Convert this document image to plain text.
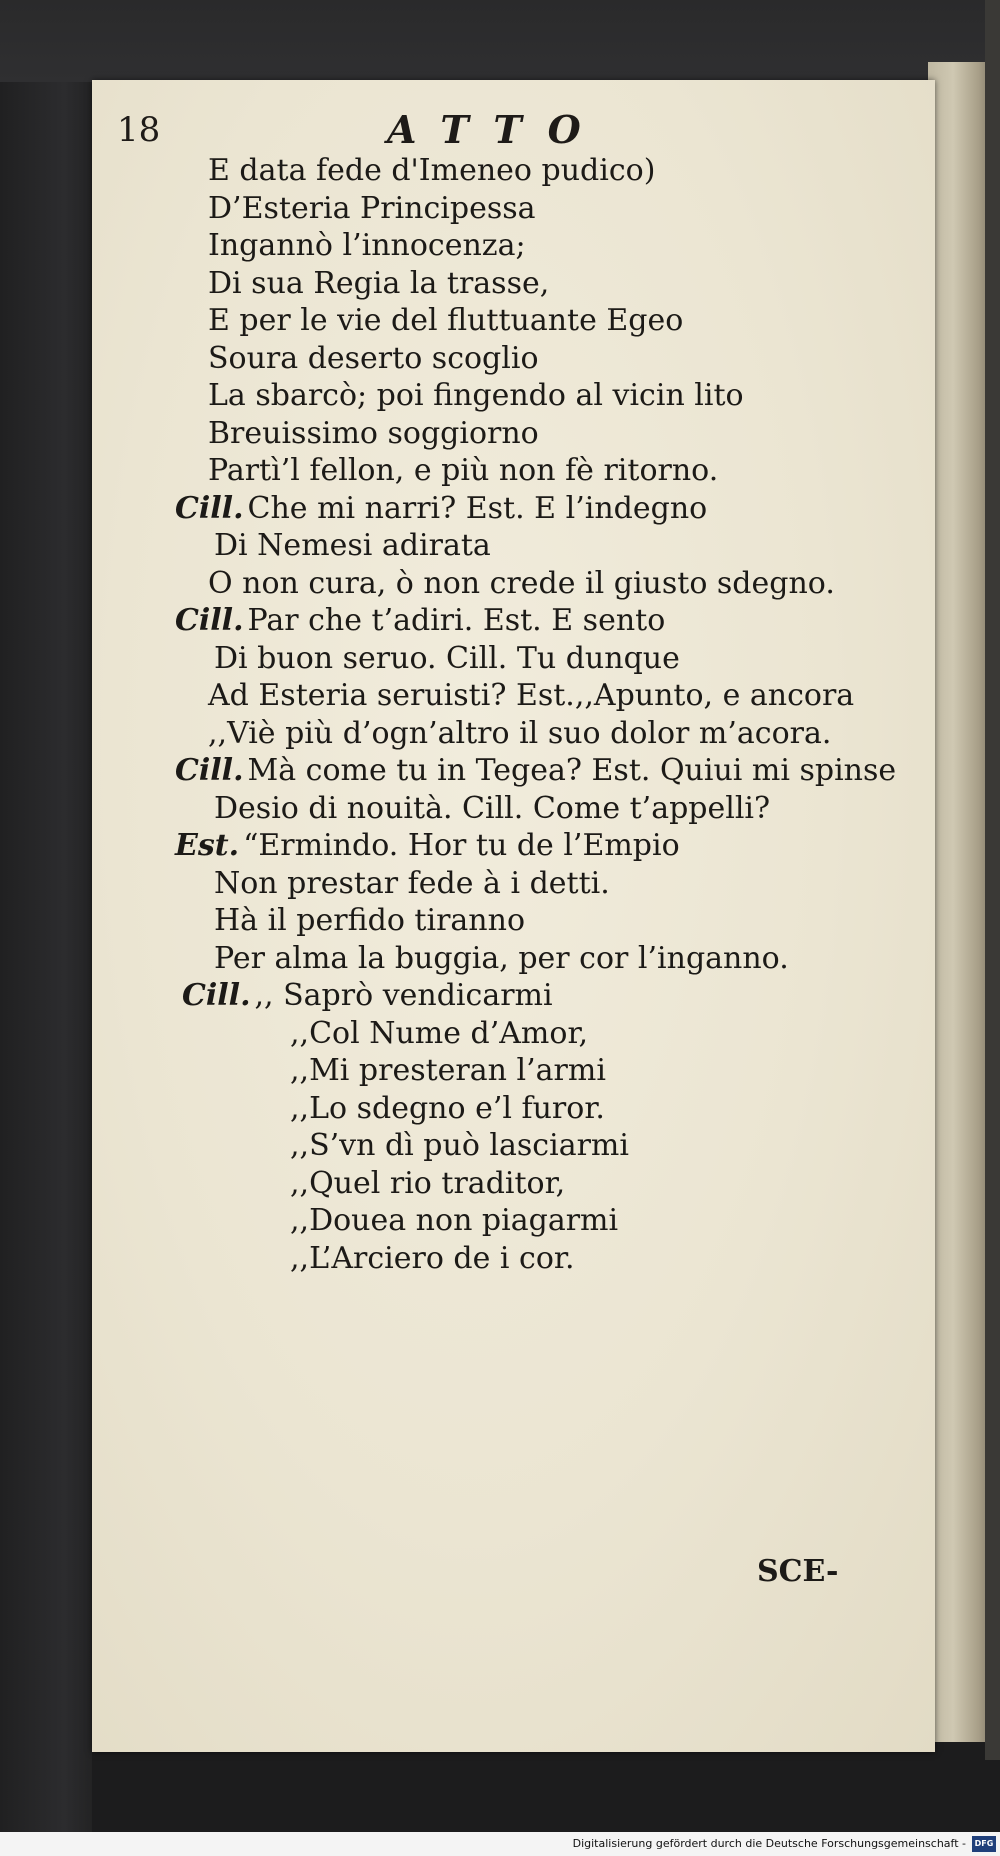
18	ATTO
E data fede d'Imeneo pudico)
D’Esteria Principessa
Ingannò l’innocenza;
Di sua Regia la trasse,
E per le vie del fluttuante Egeo
Soura deserto scoglio
La sbarcò; poi fingendo al vicin lito
Breuissimo soggiorno
Partì’l fellon, e più non fè ritorno.
Cill. Che mi narri? Est. E l’indegno
Di Nemesi adirata
O non cura, ò non crede il giusto sdegno.
Cill. Par che t’adiri. Est. E sento
Di buon seruo. Cill. Tu dunque
Ad Esteria seruisti? Est.,,Apunto, e ancora
,,Viè più d’ogn’altro il suo dolor m’acora.
Cill. Mà come tu in Tegea? Est. Quiui mi spinse
Desio di nouità. Cill. Come t’appelli?
Est. “Ermindo. Hor tu de l’Empio
Non prestar fede à i detti.
Hà il perfido tiranno
Per alma la buggia, per cor l’inganno.
Cill. ,, Saprò vendicarmi
,,Col Nume d’Amor,
,,Mi presteran l’armi
,,Lo sdegno e’l furor.
,,S’vn dì può lasciarmi
,,Quel rio traditor,
,,Douea non piagarmi
,,L’Arciero de i cor.
SCE-
Digitalisierung gefördert durch die Deutsche Forschungsgemeinschaft -	DFG
